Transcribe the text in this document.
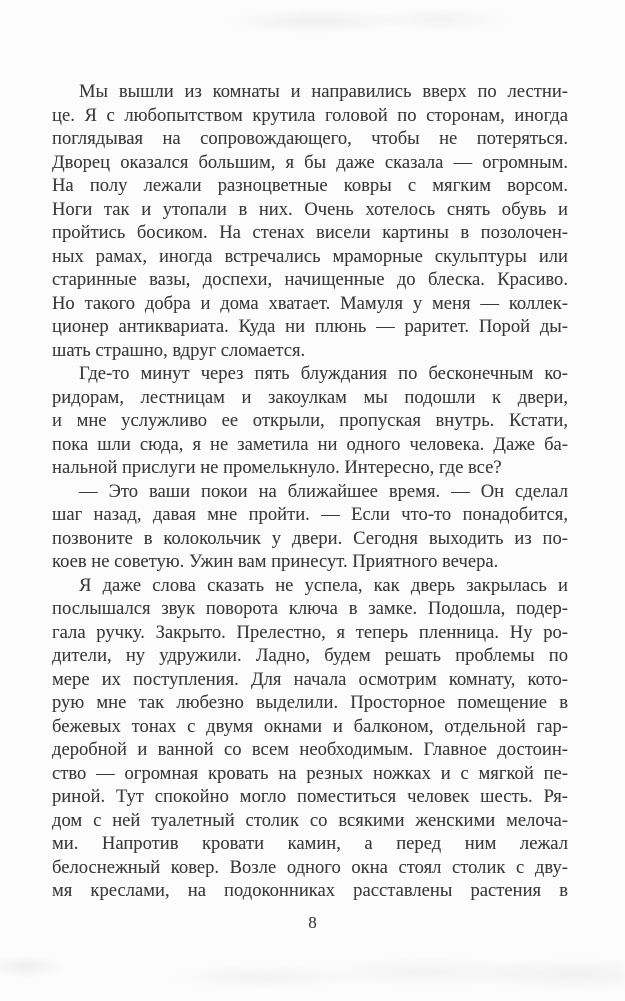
Мы вышли из комнаты и направились вверх по лестни-
це. Я с любопытством крутила головой по сторонам, иногда
поглядывая на сопровождающего, чтобы не потеряться.
Дворец оказался большим, я бы даже сказала — огромным.
На полу лежали разноцветные ковры с мягким ворсом.
Ноги так и утопали в них. Очень хотелось снять обувь и
пройтись босиком. На стенах висели картины в позолочен-
ных рамах, иногда встречались мраморные скульптуры или
старинные вазы, доспехи, начищенные до блеска. Красиво.
Но такого добра и дома хватает. Мамуля у меня — коллек-
ционер антиквариата. Куда ни плюнь — раритет. Порой ды-
шать страшно, вдруг сломается.

Где-то минут через пять блуждания по бесконечным ко-
ридорам, лестницам и закоулкам мы подошли к двери,
и мне услужливо ее открыли, пропуская внутрь. Кстати,
пока шли сюда, я не заметила ни одного человека. Даже ба-
нальной прислуги не промелькнуло. Интересно, где все?

— Это ваши покои на ближайшее время. — Он сделал
шаг назад, давая мне пройти. — Если что-то понадобится,
позвоните в колокольчик у двери. Сегодня выходить из по-
коев не советую. Ужин вам принесут. Приятного вечера.

Я даже слова сказать не успела, как дверь закрылась и
послышался звук поворота ключа в замке. Подошла, подер-
гала ручку. Закрыто. Прелестно, я теперь пленница. Ну ро-
дители, ну удружили. Ладно, будем решать проблемы по
мере их поступления. Для начала осмотрим комнату, кото-
рую мне так любезно выделили. Просторное помещение в
бежевых тонах с двумя окнами и балконом, отдельной гар-
деробной и ванной со всем необходимым. Главное достоин-
ство — огромная кровать на резных ножках и с мягкой пе-
риной. Тут спокойно могло поместиться человек шесть. Ря-
дом с ней туалетный столик со всякими женскими мелоча-
ми. Напротив кровати камин, а перед ним лежал
белоснежный ковер. Возле одного окна стоял столик с дву-
мя креслами, на подоконниках расставлены растения в

8
